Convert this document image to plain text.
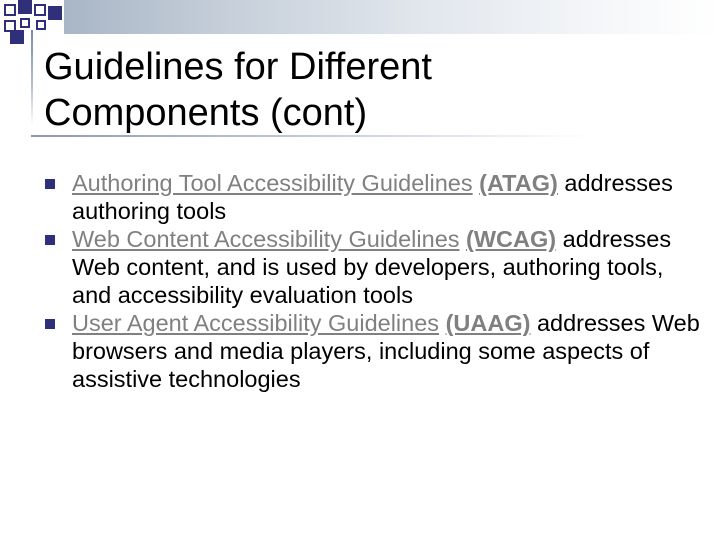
Guidelines for Different
Components (cont)
Authoring Tool Accessibility Guidelines (ATAG) addresses authoring tools
Web Content Accessibility Guidelines (WCAG) addresses Web content, and is used by developers, authoring tools, and accessibility evaluation tools
User Agent Accessibility Guidelines (UAAG) addresses Web browsers and media players, including some aspects of assistive technologies
